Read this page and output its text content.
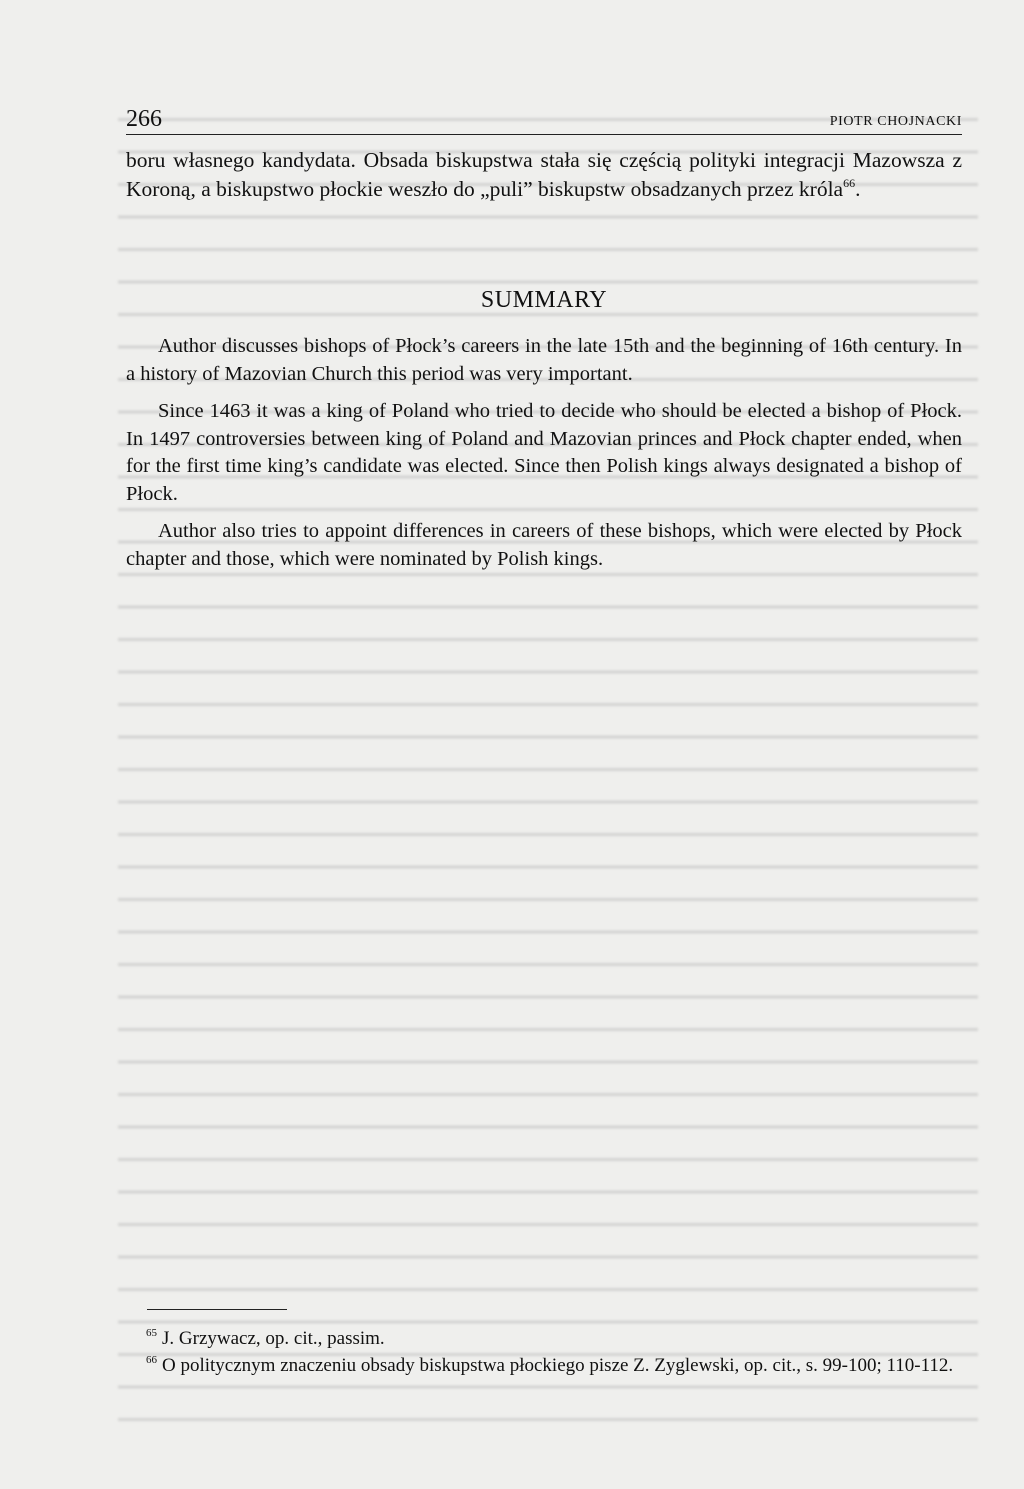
266	PIOTR CHOJNACKI
boru własnego kandydata. Obsada biskupstwa stała się częścią polityki integracji Mazowsza z Koroną, a biskupstwo płockie weszło do „puli” biskupstw obsadzanych przez króla$^{66}$.
SUMMARY

Author discusses bishops of Płock’s careers in the late 15th and the beginning of 16th century. In a history of Mazovian Church this period was very important.

Since 1463 it was a king of Poland who tried to decide who should be elected a bishop of Płock. In 1497 controversies between king of Poland and Mazovian princes and Płock chapter ended, when for the first time king’s candidate was elected. Since then Polish kings always designated a bishop of Płock.

Author also tries to appoint differences in careers of these bishops, which were elected by Płock chapter and those, which were nominated by Polish kings.

$^{65}$ J. Grzywacz, op. cit., passim.

$^{66}$ O politycznym znaczeniu obsady biskupstwa płockiego pisze Z. Zyglewski, op. cit., s. 99-100; 110-112.
